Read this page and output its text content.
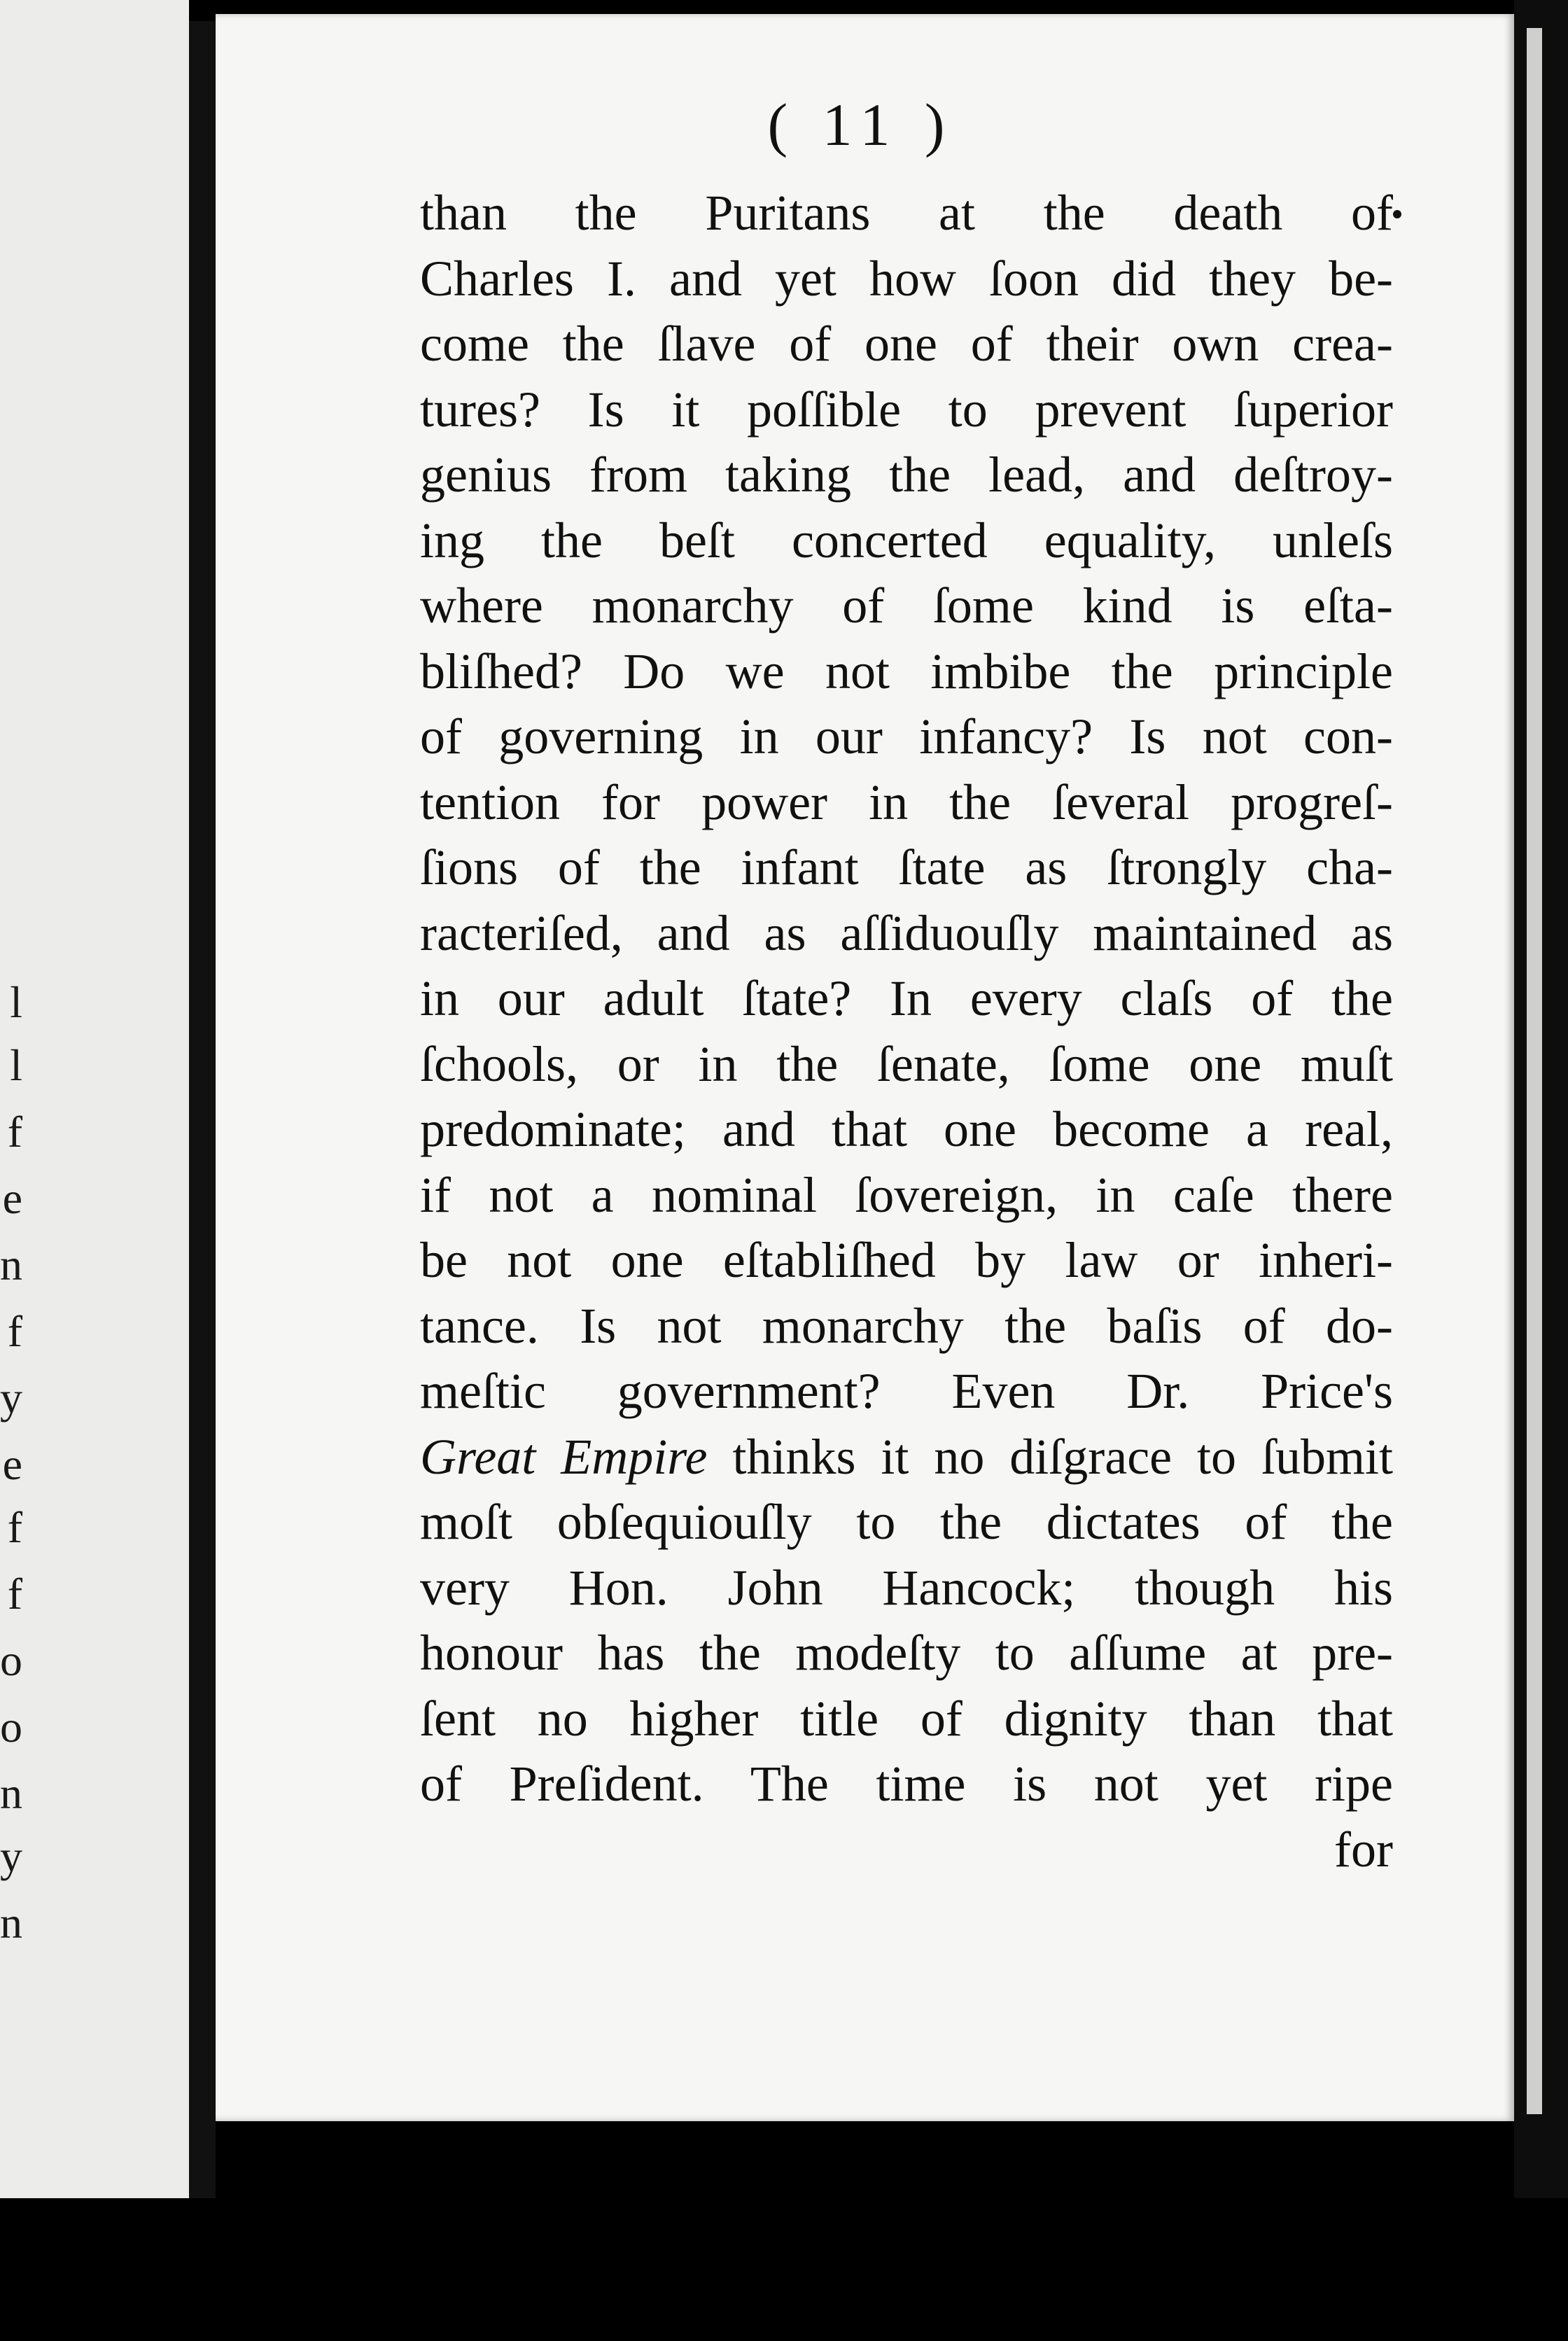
l
l
f
e
n
f
y
e
f
f
o
o
n
y
n
( 11 )
than the Puritans at the death of
Charles I. and yet how ſoon did they be-
come the ſlave of one of their own crea-
tures? Is it poſſible to prevent ſuperior
genius from taking the lead, and deſtroy-
ing the beſt concerted equality, unleſs
where monarchy of ſome kind is eſta-
bliſhed? Do we not imbibe the principle
of governing in our infancy? Is not con-
tention for power in the ſeveral progreſ-
ſions of the infant ſtate as ſtrongly cha-
racteriſed, and as aſſiduouſly maintained as
in our adult ſtate? In every claſs of the
ſchools, or in the ſenate, ſome one muſt
predominate; and that one become a real,
if not a nominal ſovereign, in caſe there
be not one eſtabliſhed by law or inheri-
tance. Is not monarchy the baſis of do-
meſtic government? Even Dr. Price's
Great Empire thinks it no diſgrace to ſubmit
moſt obſequiouſly to the dictates of the
very Hon. John Hancock; though his
honour has the modeſty to aſſume at pre-
ſent no higher title of dignity than that
of Preſident. The time is not yet ripe
for
